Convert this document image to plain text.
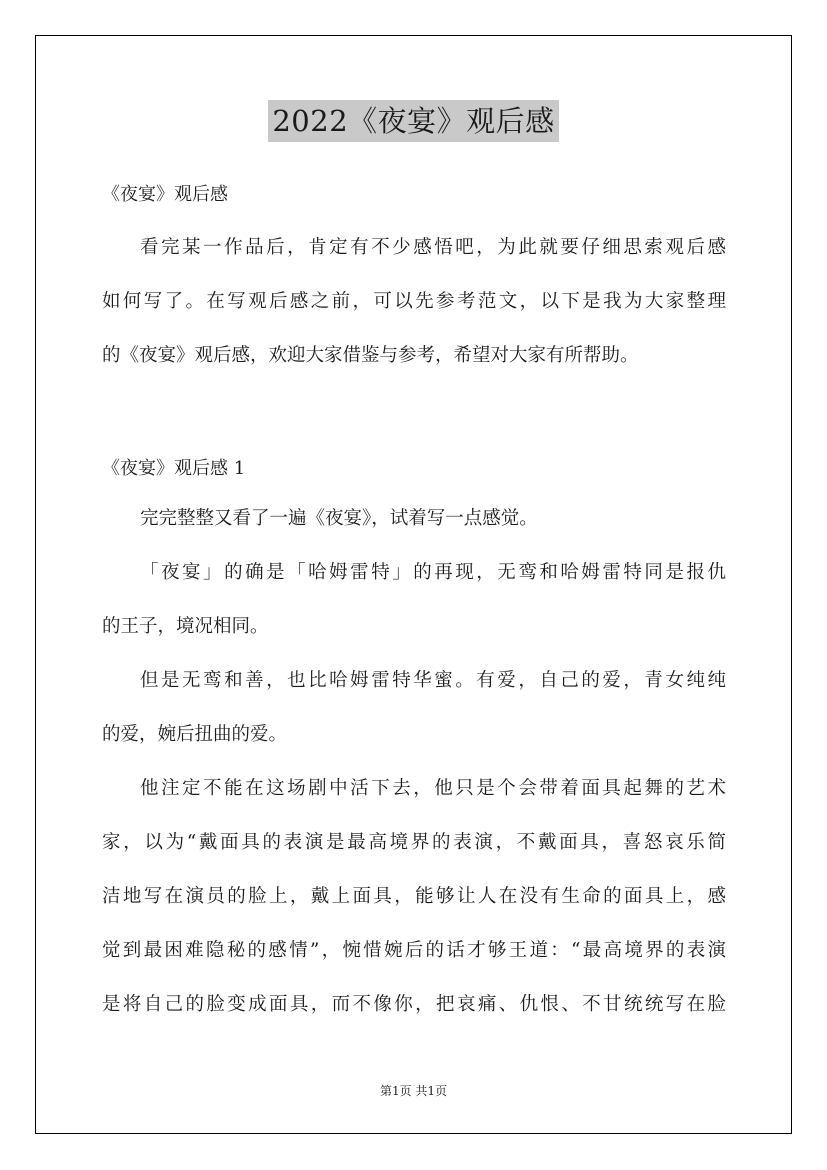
2022《夜宴》观后感
《夜宴》观后感
看完某一作品后，肯定有不少感悟吧，为此就要仔细思索观后感
如何写了。在写观后感之前，可以先参考范文，以下是我为大家整理
的《夜宴》观后感，欢迎大家借鉴与参考，希望对大家有所帮助。
《夜宴》观后感 1
完完整整又看了一遍《夜宴》，试着写一点感觉。
「夜宴」的确是「哈姆雷特」的再现，无鸾和哈姆雷特同是报仇
的王子，境况相同。
但是无鸾和善，也比哈姆雷特华蜜。有爱，自己的爱，青女纯纯
的爱，婉后扭曲的爱。
他注定不能在这场剧中活下去，他只是个会带着面具起舞的艺术
家，以为“戴面具的表演是最高境界的表演，不戴面具，喜怒哀乐简
洁地写在演员的脸上，戴上面具，能够让人在没有生命的面具上，感
觉到最困难隐秘的感情”，惋惜婉后的话才够王道：“最高境界的表演
是将自己的脸变成面具，而不像你，把哀痛、仇恨、不甘统统写在脸
第1页 共1页
